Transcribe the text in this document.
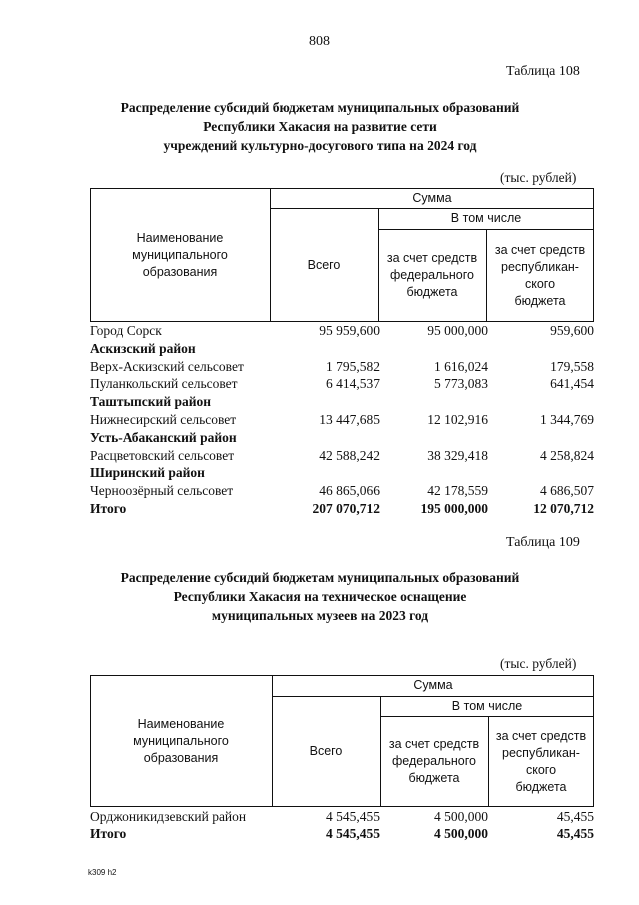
808
Таблица 108
Распределение субсидий бюджетам муниципальных образований
Республики Хакасия на развитие сети
учреждений культурно-досугового типа на 2024 год
(тыс. рублей)
Наименование
муниципального
образования
Сумма
Всего
В том числе
за счет средств
федерального
бюджета
за счет средств
республикан-
ского
бюджета
Город Сорск	95 959,600	95 000,000	959,600
Аскизский район
Верх-Аскизский сельсовет	1 795,582	1 616,024	179,558
Пуланкольский сельсовет	6 414,537	5 773,083	641,454
Таштыпский район
Нижнесирский сельсовет	13 447,685	12 102,916	1 344,769
Усть-Абаканский район
Расцветовский сельсовет	42 588,242	38 329,418	4 258,824
Ширинский район
Черноозёрный сельсовет	46 865,066	42 178,559	4 686,507
Итого	207 070,712	195 000,000	12 070,712
Таблица 109
Распределение субсидий бюджетам муниципальных образований
Республики Хакасия на техническое оснащение
муниципальных музеев на 2023 год
(тыс. рублей)
Наименование
муниципального
образования
Сумма
Всего
В том числе
за счет средств
федерального
бюджета
за счет средств
республикан-
ского
бюджета
Орджоникидзевский район	4 545,455	4 500,000	45,455
Итого	4 545,455	4 500,000	45,455
k309 h2
